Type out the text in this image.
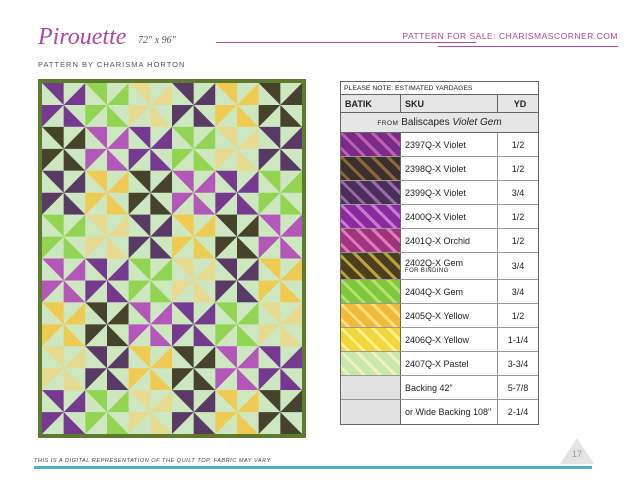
Pirouette 72" x 96"	PATTERN FOR SALE: CHARISMASCORNER.COM
PATTERN BY CHARISMA HORTON
PLEASE NOTE: ESTIMATED YARDAGES
BATIK	SKU	YD
FROM Baliscapes Violet Gem
2397Q-X Violet	1/2
2398Q-X Violet	1/2
2399Q-X Violet	3/4
2400Q-X Violet	1/2
2401Q-X Orchid	1/2
2402Q-X Gem
FOR BINDING	3/4
2404Q-X Gem	3/4
2405Q-X Yellow	1/2
2406Q-X Yellow	1-1/4
2407Q-X Pastel	3-3/4
Backing 42"	5-7/8
or Wide Backing 108"	2-1/4
THIS IS A DIGITAL REPRESENTATION OF THE QUILT TOP, FABRIC MAY VARY
17
